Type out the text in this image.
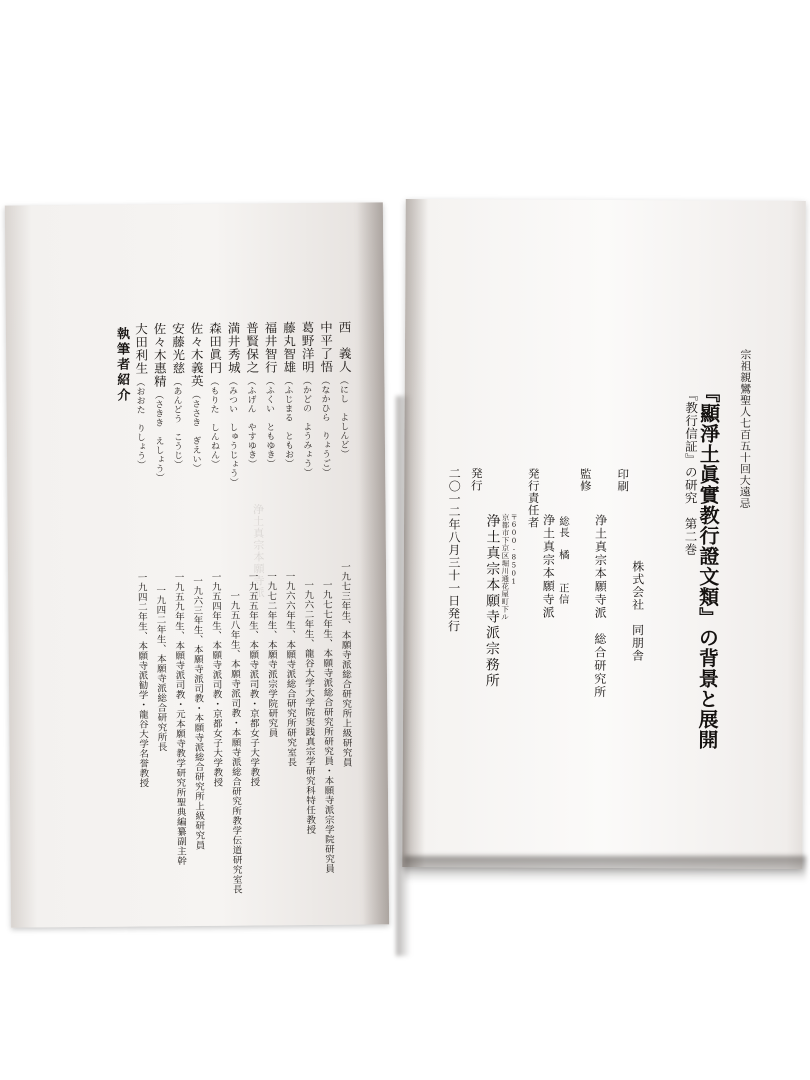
浄土真宗本願寺派
執筆者紹介 大田利生
（おおた　りしょう）
一九四二年生、本願寺派勧学・龍谷大学名誉教授
佐々木惠精
（さきき　えしょう）
一九四二年生、本願寺派総合研究所長
安藤光慈
（あんどう　こうじ）
一九五九年生、本願寺派司教・元本願寺教学研究所聖典編纂副主幹
佐々木義英
（ささき　ぎえい）
一九六三年生、本願寺派司教・本願寺派総合研究所上級研究員
森田眞円
（もりた　しんねん）
一九五四年生、本願寺派司教・京都女子大学教授
満井秀城
（みつい　しゅうじょう）
一九五八年生、本願寺派司教・本願寺派総合研究所教学伝道研究室長
普賢保之
（ふげん　やすゆき）
一九五五年生、本願寺派司教・京都女子大学教授
福井智行
（ふくい　ともゆき）
一九七二年生、本願寺派宗学院研究員
藤丸智雄
（ふじまる　ともお）
一九六六年生、本願寺派総合研究所研究室長
葛野洋明
（かどの　ようみょう）
一九六二年生、龍谷大学大学院実践真宗学研究科特任教授
中平了悟
（なかひら　りょうご）
一九七七年生、本願寺派総合研究所研究員・本願寺派宗学院研究員
西　義人
（にし　よしんど）
一九七三年生、本願寺派総合研究所上級研究員
宗祖親鸞聖人七百五十回大遠忌
『教行信証』の研究　第二巻
『顯淨土眞實教行證文類』の背景と展開
二〇一二年八月三十一日発行 発行
浄土真宗本願寺派宗務所 京都市下京区堀川通花屋町下ル 〒600-8501
発行責任者
浄土真宗本願寺派 総長　橘　　正信
監修
浄土真宗本願寺派　総合研究所
印刷
株式会社　同朋舎
